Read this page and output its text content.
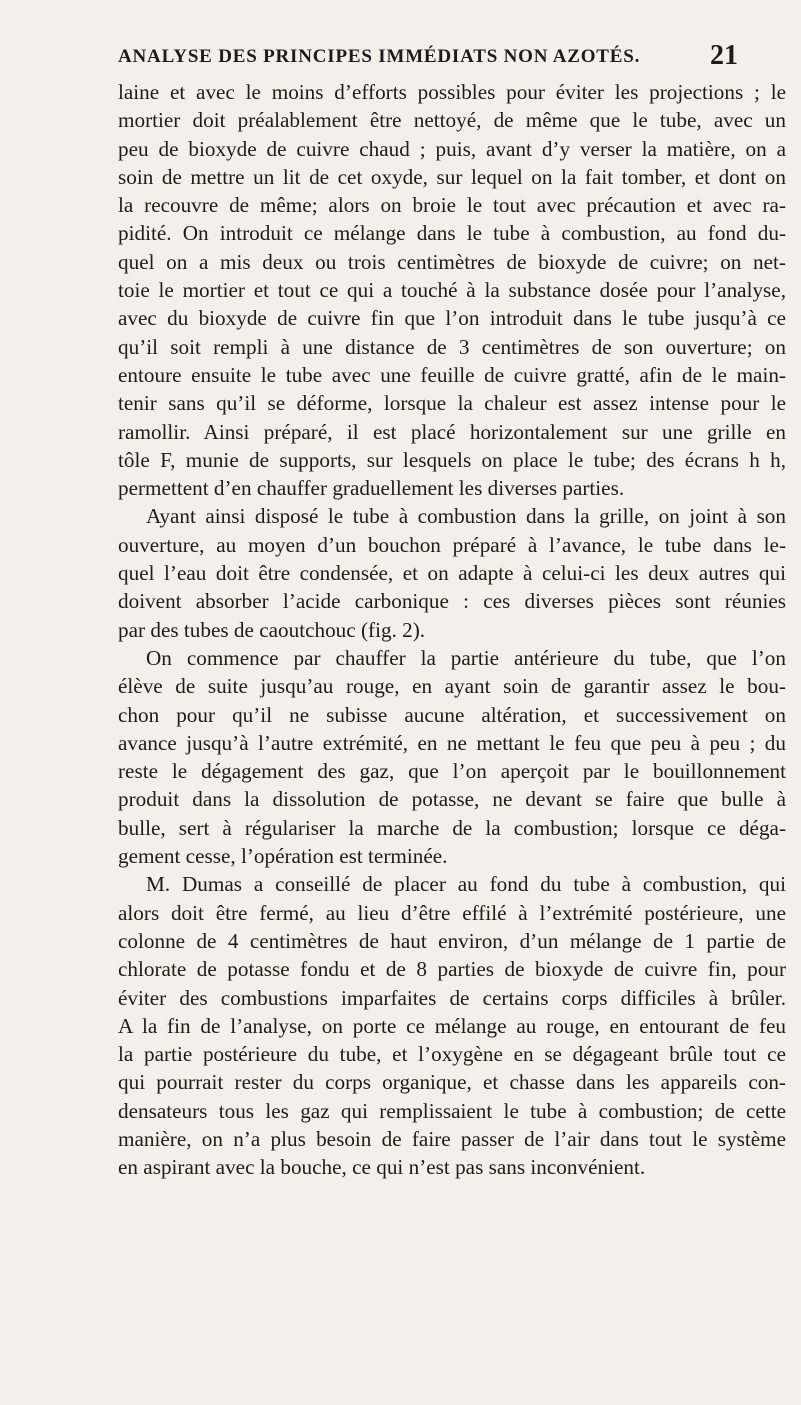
ANALYSE DES PRINCIPES IMMÉDIATS NON AZOTÉS. 21
laine et avec le moins d’efforts possibles pour éviter les projections ; le
mortier doit préalablement être nettoyé, de même que le tube, avec un
peu de bioxyde de cuivre chaud ; puis, avant d’y verser la matière, on a
soin de mettre un lit de cet oxyde, sur lequel on la fait tomber, et dont on
la recouvre de même; alors on broie le tout avec précaution et avec ra-
pidité. On introduit ce mélange dans le tube à combustion, au fond du-
quel on a mis deux ou trois centimètres de bioxyde de cuivre; on net-
toie le mortier et tout ce qui a touché à la substance dosée pour l’analyse,
avec du bioxyde de cuivre fin que l’on introduit dans le tube jusqu’à ce
qu’il soit rempli à une distance de 3 centimètres de son ouverture; on
entoure ensuite le tube avec une feuille de cuivre gratté, afin de le main-
tenir sans qu’il se déforme, lorsque la chaleur est assez intense pour le
ramollir. Ainsi préparé, il est placé horizontalement sur une grille en
tôle F, munie de supports, sur lesquels on place le tube; des écrans h h,
permettent d’en chauffer graduellement les diverses parties.
Ayant ainsi disposé le tube à combustion dans la grille, on joint à son
ouverture, au moyen d’un bouchon préparé à l’avance, le tube dans le-
quel l’eau doit être condensée, et on adapte à celui-ci les deux autres qui
doivent absorber l’acide carbonique : ces diverses pièces sont réunies
par des tubes de caoutchouc (fig. 2).
On commence par chauffer la partie antérieure du tube, que l’on
élève de suite jusqu’au rouge, en ayant soin de garantir assez le bou-
chon pour qu’il ne subisse aucune altération, et successivement on
avance jusqu’à l’autre extrémité, en ne mettant le feu que peu à peu ; du
reste le dégagement des gaz, que l’on aperçoit par le bouillonnement
produit dans la dissolution de potasse, ne devant se faire que bulle à
bulle, sert à régulariser la marche de la combustion; lorsque ce déga-
gement cesse, l’opération est terminée.
M. Dumas a conseillé de placer au fond du tube à combustion, qui
alors doit être fermé, au lieu d’être effilé à l’extrémité postérieure, une
colonne de 4 centimètres de haut environ, d’un mélange de 1 partie de
chlorate de potasse fondu et de 8 parties de bioxyde de cuivre fin, pour
éviter des combustions imparfaites de certains corps difficiles à brûler.
A la fin de l’analyse, on porte ce mélange au rouge, en entourant de feu
la partie postérieure du tube, et l’oxygène en se dégageant brûle tout ce
qui pourrait rester du corps organique, et chasse dans les appareils con-
densateurs tous les gaz qui remplissaient le tube à combustion; de cette
manière, on n’a plus besoin de faire passer de l’air dans tout le système
en aspirant avec la bouche, ce qui n’est pas sans inconvénient.
